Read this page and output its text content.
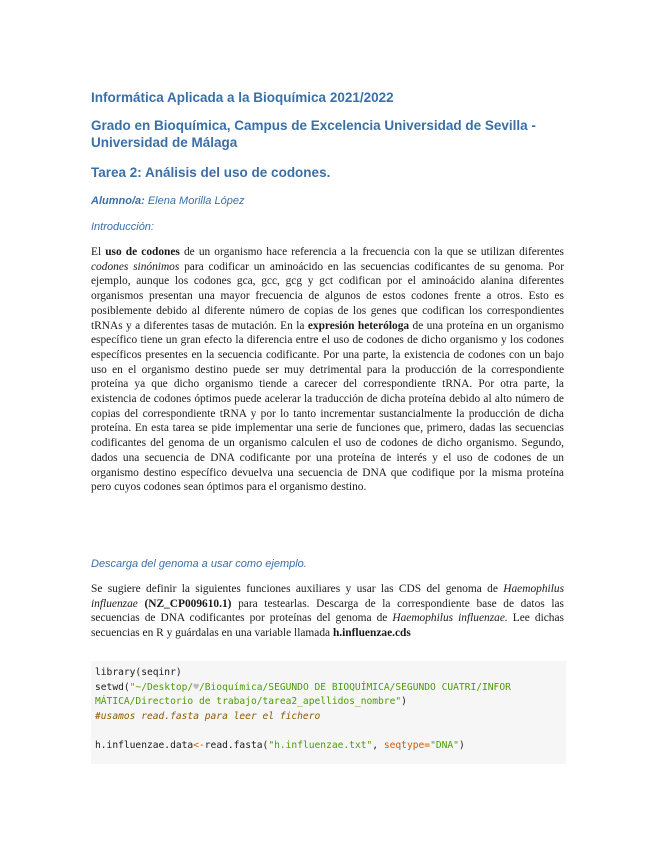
Informática Aplicada a la Bioquímica 2021/2022

Grado en Bioquímica, Campus de Excelencia Universidad de Sevilla - Universidad de Málaga

Tarea 2: Análisis del uso de codones.

Alumno/a: Elena Morilla López

Introducción:

El uso de codones de un organismo hace referencia a la frecuencia con la que se utilizan diferentes codones sinónimos para codificar un aminoácido en las secuencias codificantes de su genoma. Por ejemplo, aunque los codones gca, gcc, gcg y gct codifican por el aminoácido alanina diferentes organismos presentan una mayor frecuencia de algunos de estos codones frente a otros. Esto es posiblemente debido al diferente número de copias de los genes que codifican los correspondientes tRNAs y a diferentes tasas de mutación. En la expresión heteróloga de una proteína en un organismo específico tiene un gran efecto la diferencia entre el uso de codones de dicho organismo y los codones específicos presentes en la secuencia codificante. Por una parte, la existencia de codones con un bajo uso en el organismo destino puede ser muy detrimental para la producción de la correspondiente proteína ya que dicho organismo tiende a carecer del correspondiente tRNA. Por otra parte, la existencia de codones óptimos puede acelerar la traducción de dicha proteína debido al alto número de copias del correspondiente tRNA y por lo tanto incrementar sustancialmente la producción de dicha proteína. En esta tarea se pide implementar una serie de funciones que, primero, dadas las secuencias codificantes del genoma de un organismo calculen el uso de codones de dicho organismo. Segundo, dados una secuencia de DNA codificante por una proteína de interés y el uso de codones de un organismo destino específico devuelva una secuencia de DNA que codifique por la misma proteína pero cuyos codones sean óptimos para el organismo destino.

Descarga del genoma a usar como ejemplo.

Se sugiere definir la siguientes funciones auxiliares y usar las CDS del genoma de Haemophilus influenzae (NZ_CP009610.1) para testearlas. Descarga de la correspondiente base de datos las secuencias de DNA codificantes por proteínas del genoma de Haemophilus influenzae. Lee dichas secuencias en R y guárdalas en una variable llamada h.influenzae.cds

library(seqinr)
setwd("~/Desktop/♥/Bioquímica/SEGUNDO DE BIOQUÍMICA/SEGUNDO CUATRI/INFOR
MÁTICA/Directorio de trabajo/tarea2_apellidos_nombre")
#usamos read.fasta para leer el fichero
h.influenzae.data<-read.fasta("h.influenzae.txt", seqtype="DNA")
